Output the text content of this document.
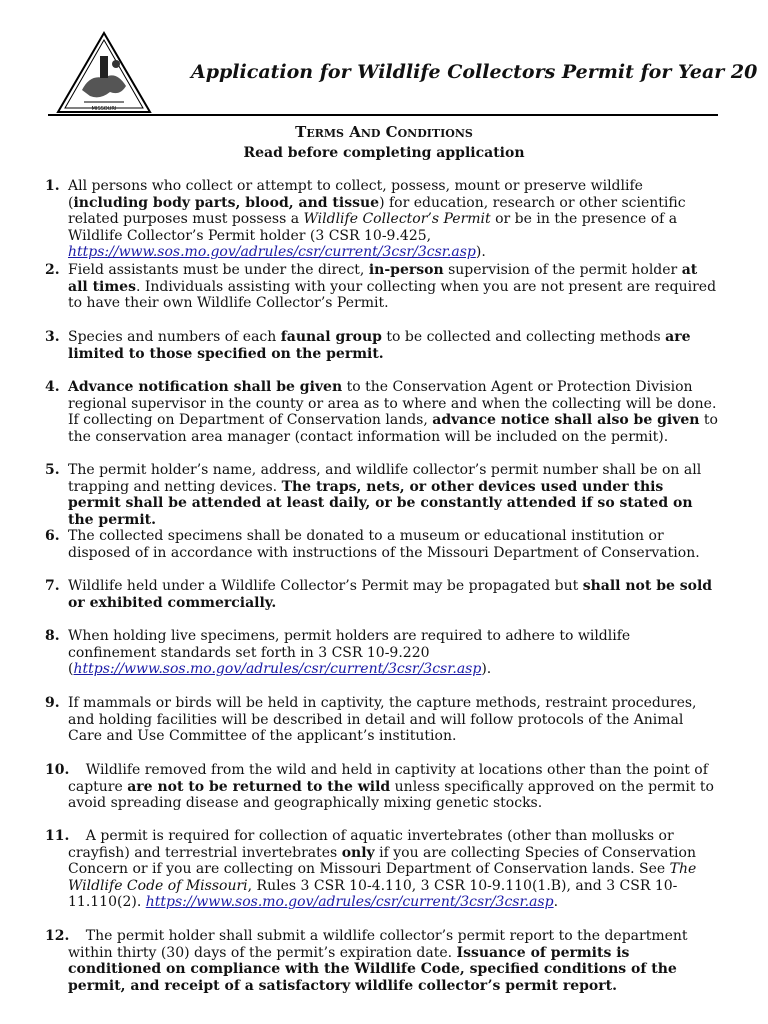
MISSOURI
Application for Wildlife Collectors Permit for Year 20
Terms And Conditions
Read before completing application
1. All persons who collect or attempt to collect, possess, mount or preserve wildlife (including body parts, blood, and tissue) for education, research or other scientific related purposes must possess a Wildlife Collector’s Permit or be in the presence of a Wildlife Collector’s Permit holder (3 CSR 10-9.425, https://www.sos.mo.gov/adrules/csr/current/3csr/3csr.asp).
2. Field assistants must be under the direct, in-person supervision of the permit holder at all times. Individuals assisting with your collecting when you are not present are required to have their own Wildlife Collector’s Permit.
3. Species and numbers of each faunal group to be collected and collecting methods are limited to those specified on the permit.
4. Advance notification shall be given to the Conservation Agent or Protection Division regional supervisor in the county or area as to where and when the collecting will be done. If collecting on Department of Conservation lands, advance notice shall also be given to the conservation area manager (contact information will be included on the permit).
5. The permit holder’s name, address, and wildlife collector’s permit number shall be on all trapping and netting devices. The traps, nets, or other devices used under this permit shall be attended at least daily, or be constantly attended if so stated on the permit.
6. The collected specimens shall be donated to a museum or educational institution or disposed of in accordance with instructions of the Missouri Department of Conservation.
7. Wildlife held under a Wildlife Collector’s Permit may be propagated but shall not be sold or exhibited commercially.
8. When holding live specimens, permit holders are required to adhere to wildlife confinement standards set forth in 3 CSR 10-9.220 (https://www.sos.mo.gov/adrules/csr/current/3csr/3csr.asp).
9. If mammals or birds will be held in captivity, the capture methods, restraint procedures, and holding facilities will be described in detail and will follow protocols of the Animal Care and Use Committee of the applicant’s institution.
10.
Wildlife removed from the wild and held in captivity at locations other than the point of capture are not to be returned to the wild unless specifically approved on the permit to avoid spreading disease and geographically mixing genetic stocks.
11.
A permit is required for collection of aquatic invertebrates (other than mollusks or crayfish) and terrestrial invertebrates only if you are collecting Species of Conservation Concern or if you are collecting on Missouri Department of Conservation lands. See The Wildlife Code of Missouri, Rules 3 CSR 10-4.110, 3 CSR 10-9.110(1.B), and 3 CSR 10-11.110(2). https://www.sos.mo.gov/adrules/csr/current/3csr/3csr.asp.
12.
The permit holder shall submit a wildlife collector’s permit report to the department within thirty (30) days of the permit’s expiration date. Issuance of permits is conditioned on compliance with the Wildlife Code, specified conditions of the permit, and receipt of a satisfactory wildlife collector’s permit report.
